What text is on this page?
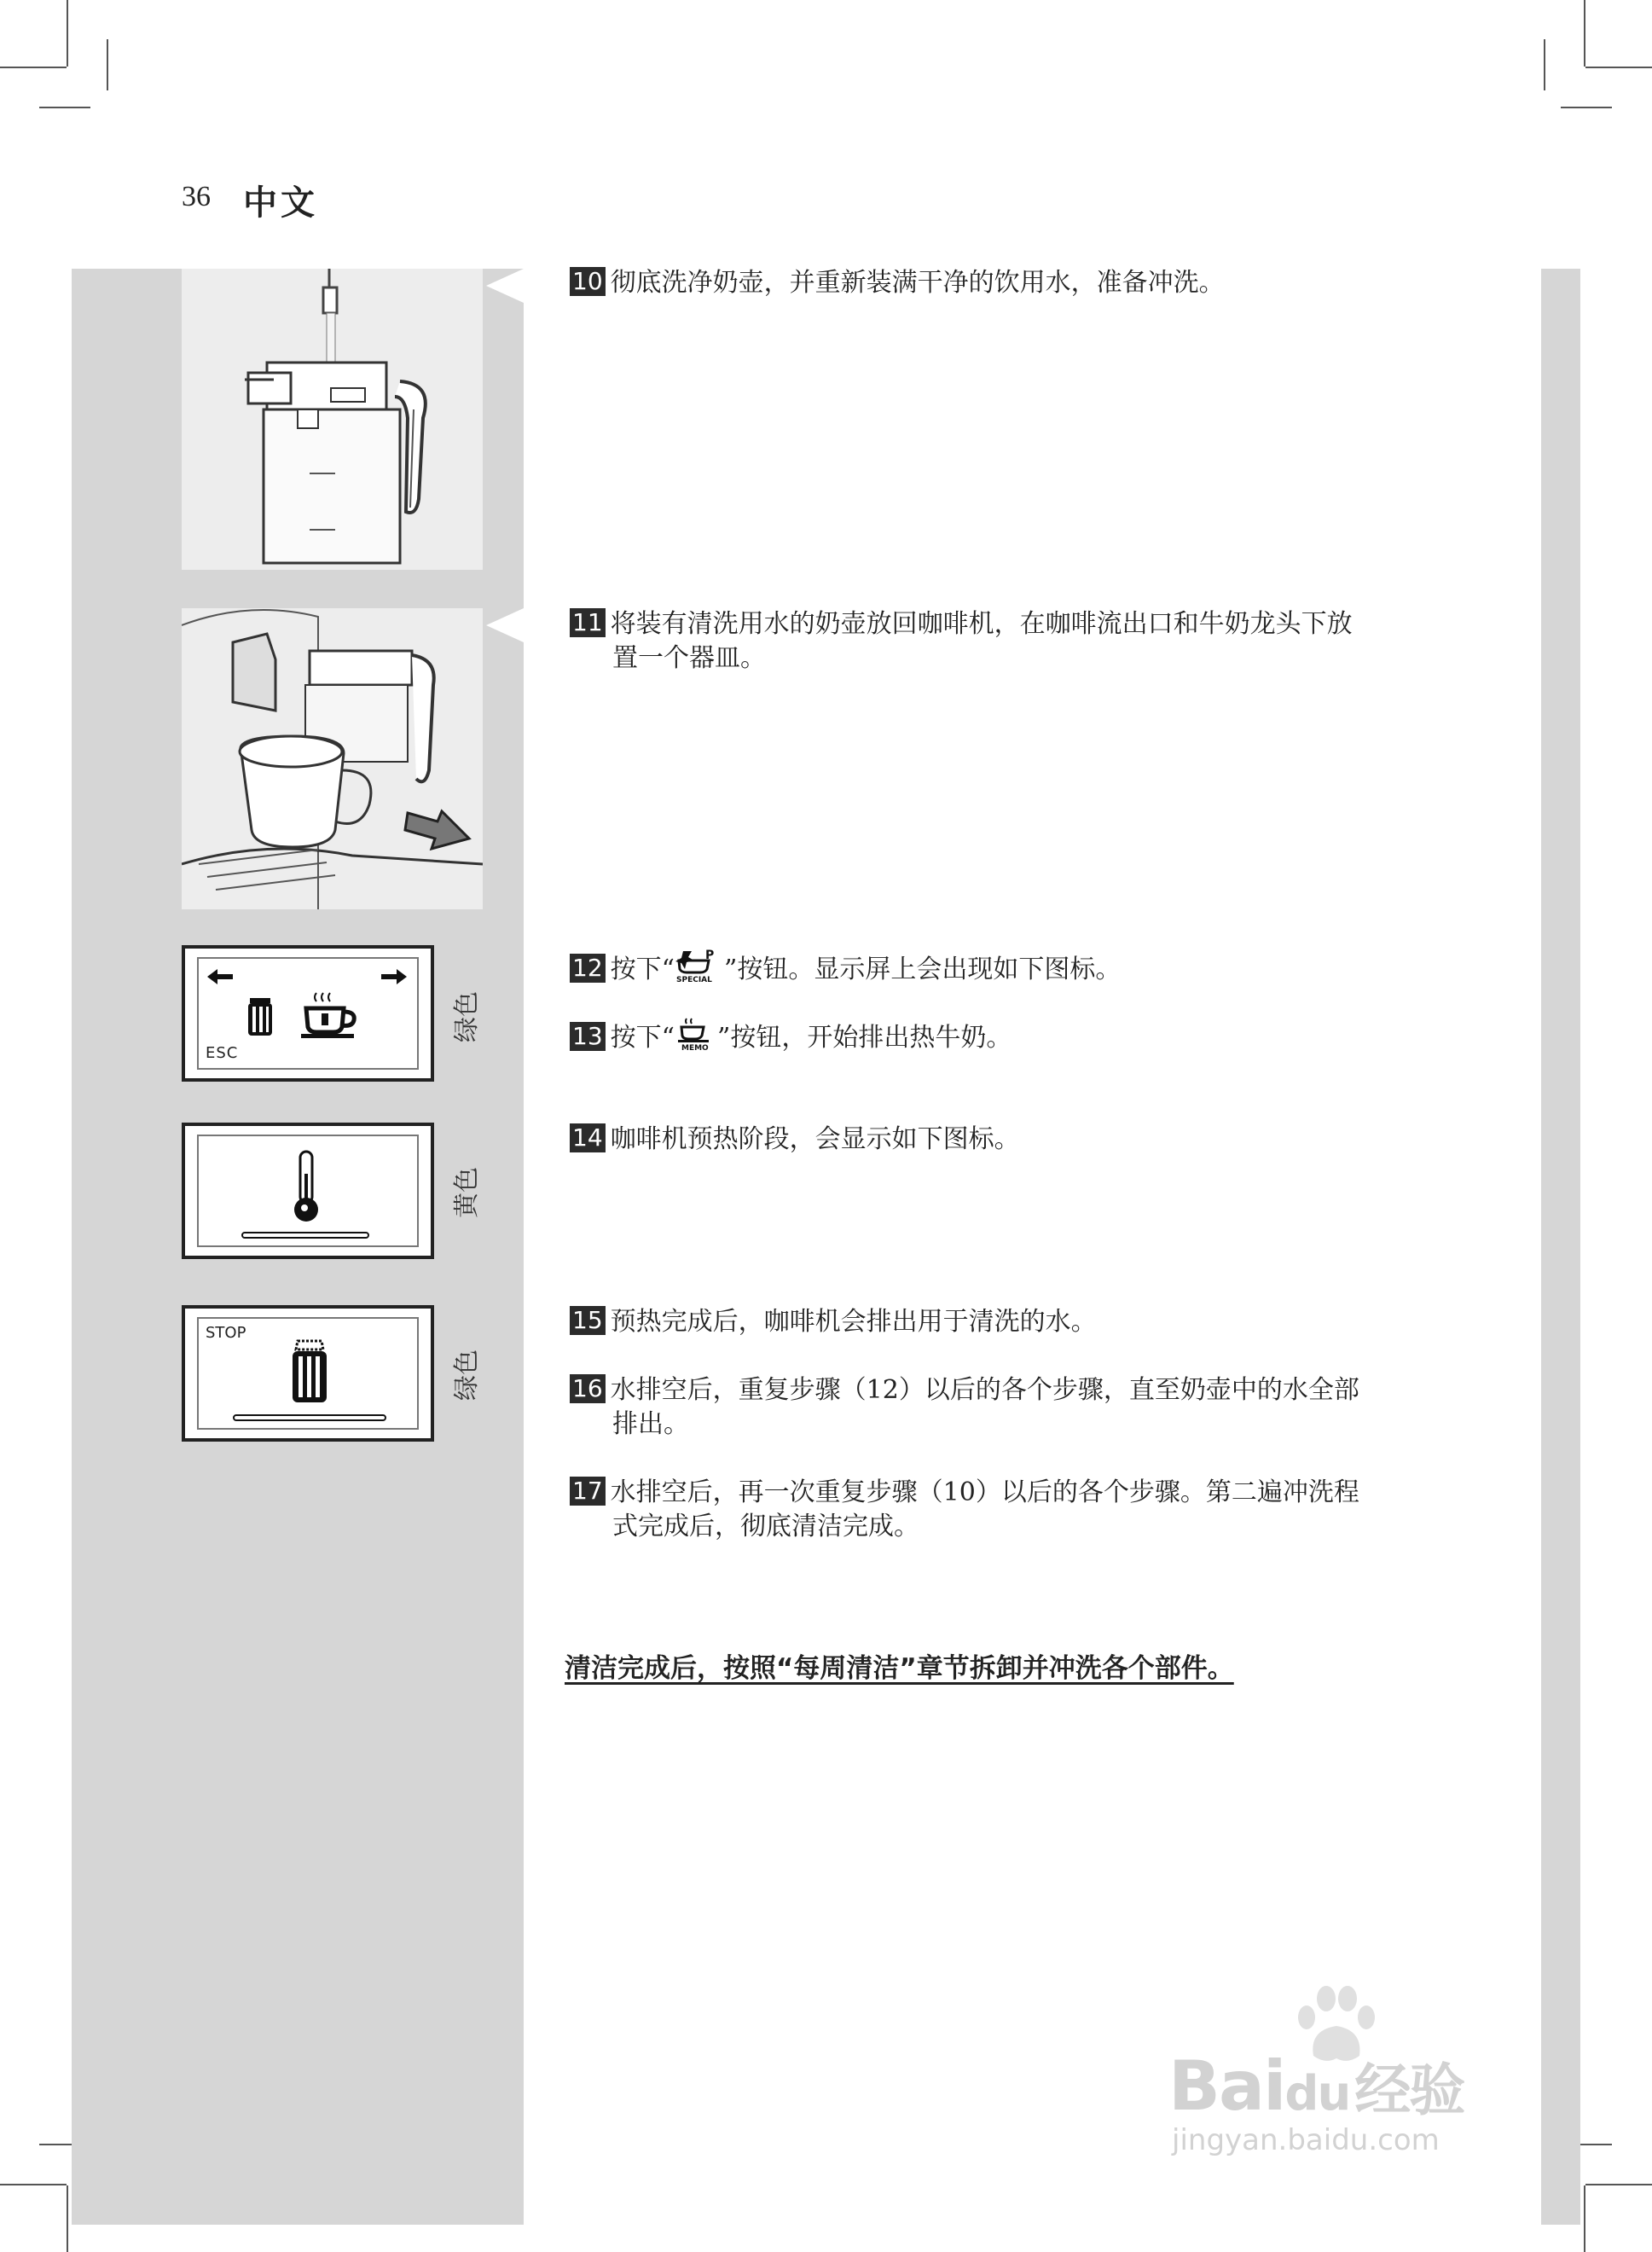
36 中文
ESC
绿色
黄色
STOP
绿色
10 彻底洗净奶壶，并重新装满干净的饮用水，准备冲洗。
11 将装有清洗用水的奶壶放回咖啡机，在咖啡流出口和牛奶龙头下放
置一个器皿。
12 按下“	P
SPECIAL ”按钮。显示屏上会出现如下图标。
13 按下“ MEMO ”按钮，开始排出热牛奶。
14 咖啡机预热阶段，会显示如下图标。
15 预热完成后，咖啡机会排出用于清洗的水。
16 水排空后，重复步骤（12）以后的各个步骤，直至奶壶中的水全部
排出。
17 水排空后，再一次重复步骤（10）以后的各个步骤。第二遍冲洗程
式完成后，彻底清洁完成。
清洁完成后，按照“每周清洁”章节拆卸并冲洗各个部件。
Baidu经验
jingyan.baidu.com
